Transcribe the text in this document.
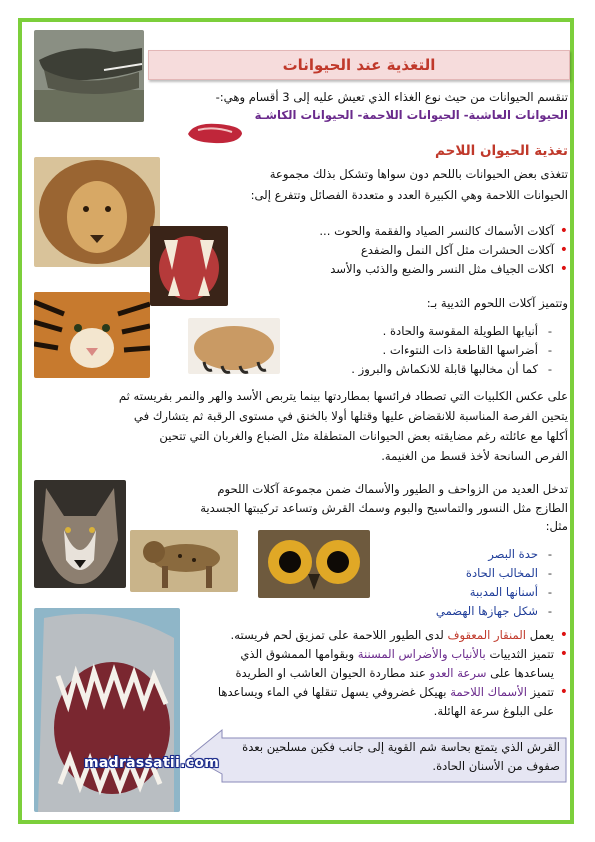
التغذية عند الحيوانات
تنقسم الحيوانات من حيث نوع الغذاء الذي تعيش عليه إلى 3 أقسام وهي:-
الحيوانات العاشبة- الحيوانات اللاحمة- الحيوانات الكاشـة
تغذية الحيوان اللاحم
تتغذى بعض الحيوانات باللحم دون سواها وتشكل بذلك مجموعة
الحيوانات اللاحمة وهي الكبيرة العدد و متعددة الفصائل وتتفرع إلى:
• آكلات الأسماك كالنسر الصياد والفقمة والحوت ...
• آكلات الحشرات مثل آكل النمل والضفدع
• اكلات الجياف مثل النسر والضبع والذئب والأسد
وتتميز آكلات اللحوم الثديية بـ:
- أنيابها الطويلة المقوسة والحادة .
- أضراسها القاطعة ذات النتوءات .
- كما أن مخالبها قابلة للانكماش والبروز .
على عكس الكلبيات التي تصطاد فرائسها بمطاردتها بينما يتربص الأسد والهر والنمر بفريسته ثم
يتحين الفرصة المناسبة للانقضاض عليها وقتلها أولا بالخنق في مستوى الرقبة ثم يتشارك في
أكلها مع عائلته رغم مضايقته بعض الحيوانات المتطفلة مثل الضباع والغربان التي تتحين
الفرص السانحة لأخذ قسط من الغنيمة.
تدخل العديد من الزواحف و الطيور والأسماك ضمن مجموعة آكلات اللحوم
الطازج مثل النسور والتماسيح والبوم وسمك القرش وتساعد تركيبتها الجسدية
مثل:
- حدة البصر
- المخالب الحادة
- أسنانها المدببة
- شكل جهازها الهضمي
• يعمل المنقار المعقوف لدى الطيور اللاحمة على تمزيق لحم فريسته.
• تتميز الثدييات بالأنياب والأضراس المسننة وبقوامها الممشوق الذي
يساعدها على سرعة العدو عند مطاردة الحيوان العاشب او الطريدة
• تتميز الأسماك اللاحمة بهيكل غضروفي يسهل تنقلها في الماء ويساعدها
على البلوغ سرعة الهائلة.
القرش الذي يتمتع بحاسة شم القوية إلى جانب فكين مسلحين بعدة
صفوف من الأسنان الحادة.
madrassatii.com
